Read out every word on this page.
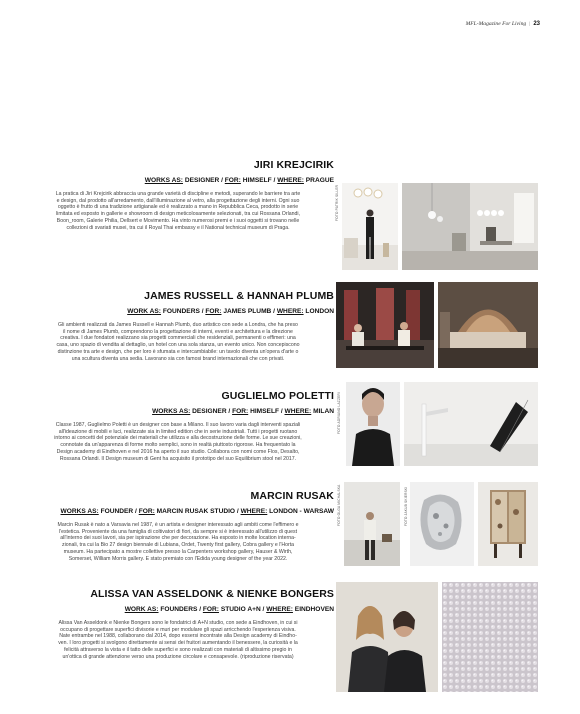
MFL-Magazine For Living | 23
JIRI KREJCIRIK
WORKS AS: DESIGNER / FOR: HIMSELF / WHERE: PRAGUE
La pratica di Jiri Krejcirik abbraccia una grande varietà di discipline e metodi, superando le barriere tra arte
e design, dal prodotto all'arredamento, dall'illuminazione al vetro, alla progettazione degli interni. Ogni suo
oggetto è frutto di una tradizione artigianale ed è realizzato a mano in Repubblica Ceca, prodotto in serie
limitata ed esposto in gallerie e showroom di design meticolosamente selezionati, tra cui Rossana Orlandi,
Boon_room, Galerie Philia, Dellsert e Movimento. Ha vinto numerosi premi e i suoi oggetti si trovano nelle
collezioni di svariati musei, tra cui il Royal Thai embassy e il National technical museum di Praga.
FOTO PATRIK SILLER
JAMES RUSSELL & HANNAH PLUMB
WORK AS: FOUNDERS / FOR: JAMES PLUMB / WHERE: LONDON
Gli ambienti realizzati da James Russell e Hannah Plumb, duo artistico con sede a Londra, che ha preso
il nome di James Plumb, comprendono la progettazione di interni, eventi e architettura e la direzione
creativa. I due fondatori realizzano sia progetti commerciali che residenziali, permanenti o effimeri: una
casa, uno spazio di vendita al dettaglio, un hotel con una sola stanza, un evento unico. Non concepiscono
distinzione tra arte e design, che per loro è sfumata e intercambiabile: un tavolo diventa un'opera d'arte o
una scultura diventa una sedia. Lavorano sia con famosi brand internazionali che con privati.
GUGLIELMO POLETTI
WORKS AS: DESIGNER / FOR: HIMSELF / WHERE: MILAN
Classe 1987, Guglielmo Poletti è un designer con base a Milano. Il suo lavoro varia dagli interventi spaziali
all'ideazione di mobili e luci, realizzate sia in limited edition che in serie industriali. Tutti i progetti ruotano
intorno ai concetti del potenziale dei materiali che utilizza e alla decostruzione delle forme. Le sue creazioni,
connotate da un'apparenza di forme molto semplici, sono in realtà piuttosto rigorose. Ha frequentato la
Design academy di Eindhoven e nel 2016 ha aperto il suo studio. Collabora con nomi come Flos, Desalto,
Rossana Orlandi. Il Design museum di Gent ha acquisito il prototipo del suo Equilibrium stool nel 2017.
FOTO ADRIANO LAZZERI
MARCIN RUSAK
WORKS AS: FOUNDER / FOR: MARCIN RUSAK STUDIO / WHERE: LONDON - WARSAW
Marcin Rusak è nato a Varsavia nel 1987, è un artista e designer interessato agli ambiti come l'effimero e
l'estetica. Proveniente da una famiglia di coltivatori di fiori, da sempre si è interessato all'utilizzo di quest
all'interno dei suoi lavori, sia per ispirazione che per decorazione. Ha esposto in molte location interna-
zionali, tra cui la Bio 27 design biennale di Lubiana, Ordet, Twenty first gallery, Cobra gallery e l'Horta
museum. Ha partecipato a mostre collettive presso la Carpenters workshop gallery, Hauser & Wirth,
Somerset, William Morris gallery. È stato premiato con l'Edida young designer of the year 2022.
FOTO OLGA MICHALSKA	FOTO JAKUB SKIERSKI
ALISSA VAN ASSELDONK & NIENKE BONGERS
WORK AS: FOUNDERS / FOR: STUDIO A+N / WHERE: EINDHOVEN
Alissa Van Asseldonk e Nienke Bongers sono le fondatrici di A+N studio, con sede a Eindhoven, in cui si
occupano di progettare superfici divisorie e muri per modulare gli spazi arricchendo l'esperienza visiva.
Nate entrambe nel 1988, collaborano dal 2014, dopo essersi incontrate alla Design academy di Eindho-
ven. I loro progetti si svolgono direttamente ai sensi dei fruitori aumentando il benessere, la curiosità e la
felicità attraverso la vista e il tatto delle superfici e sono realizzati con materiali di altissimo pregio in
un'ottica di grande attenzione verso una produzione circolare e consapevole. (riproduzione riservata)
